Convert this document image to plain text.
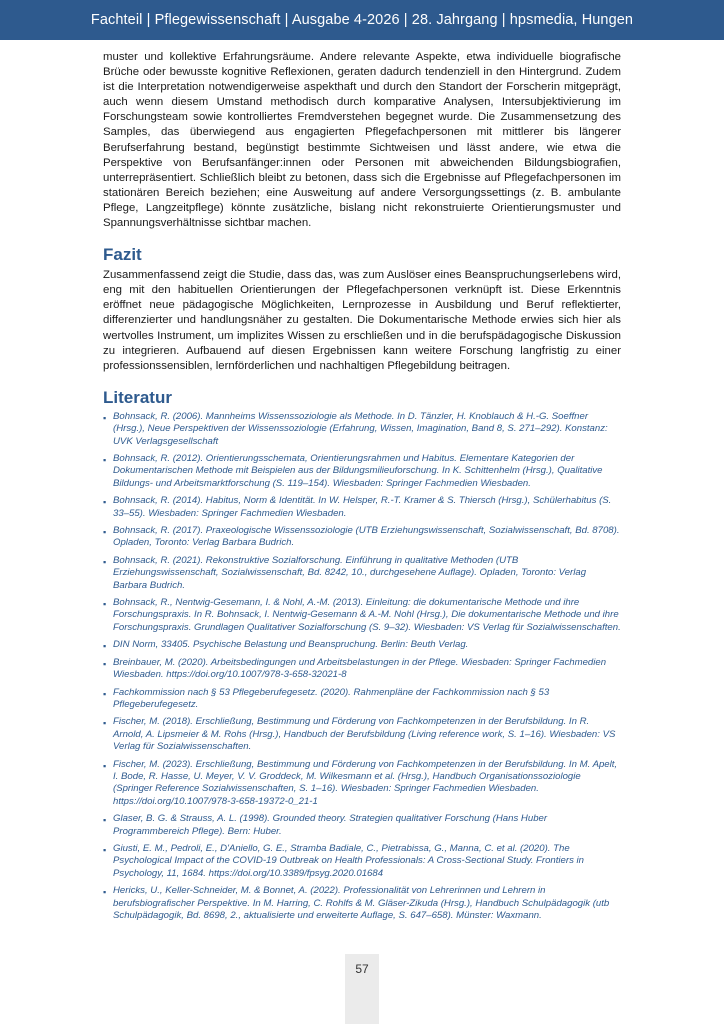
Fachteil | Pflegewissenschaft | Ausgabe 4-2026 | 28. Jahrgang | hpsmedia, Hungen

muster und kollektive Erfahrungsräume. Andere relevante Aspekte, etwa individuelle biografische Brüche oder bewusste kognitive Reflexionen, geraten dadurch tendenziell in den Hintergrund. Zudem ist die Interpretation notwendigerweise aspekthaft und durch den Standort der Forscherin mitgeprägt, auch wenn diesem Umstand methodisch durch komparative Analysen, Intersubjektivierung im Forschungsteam sowie kontrolliertes Fremdverstehen begegnet wurde. Die Zusammensetzung des Samples, das überwiegend aus engagierten Pflegefachpersonen mit mittlerer bis längerer Berufserfahrung bestand, begünstigt bestimmte Sichtweisen und lässt andere, wie etwa die Perspektive von Berufsanfänger:innen oder Personen mit abweichenden Bildungsbiografien, unterrepräsentiert. Schließlich bleibt zu betonen, dass sich die Ergebnisse auf Pflegefachpersonen im stationären Bereich beziehen; eine Ausweitung auf andere Versorgungssettings (z. B. ambulante Pflege, Langzeitpflege) könnte zusätzliche, bislang nicht rekonstruierte Orientierungsmuster und Spannungsverhältnisse sichtbar machen.

Fazit

Zusammenfassend zeigt die Studie, dass das, was zum Auslöser eines Beanspruchungserlebens wird, eng mit den habituellen Orientierungen der Pflegefachpersonen verknüpft ist. Diese Erkenntnis eröffnet neue pädagogische Möglichkeiten, Lernprozesse in Ausbildung und Beruf reflektierter, differenzierter und handlungsnäher zu gestalten. Die Dokumentarische Methode erwies sich hier als wertvolles Instrument, um implizites Wissen zu erschließen und in die berufspädagogische Diskussion zu integrieren. Aufbauend auf diesen Ergebnissen kann weitere Forschung langfristig zu einer professionssensiblen, lernförderlichen und nachhaltigen Pflegebildung beitragen.

Literatur
▪ Bohnsack, R. (2006). Mannheims Wissenssoziologie als Methode. In D. Tänzler, H. Knoblauch & H.-G. Soeffner (Hrsg.), Neue Perspektiven der Wissenssoziologie (Erfahrung, Wissen, Imagination, Band 8, S. 271–292). Konstanz: UVK Verlagsgesellschaft
▪ Bohnsack, R. (2012). Orientierungsschemata, Orientierungsrahmen und Habitus. Elementare Kategorien der Dokumentarischen Methode mit Beispielen aus der Bildungsmilieuforschung. In K. Schittenhelm (Hrsg.), Qualitative Bildungs- und Arbeitsmarktforschung (S. 119–154). Wiesbaden: Springer Fachmedien Wiesbaden.
▪ Bohnsack, R. (2014). Habitus, Norm & Identität. In W. Helsper, R.-T. Kramer & S. Thiersch (Hrsg.), Schülerhabitus (S. 33–55). Wiesbaden: Springer Fachmedien Wiesbaden.
▪ Bohnsack, R. (2017). Praxeologische Wissenssoziologie (UTB Erziehungswissenschaft, Sozialwissenschaft, Bd. 8708). Opladen, Toronto: Verlag Barbara Budrich.
▪ Bohnsack, R. (2021). Rekonstruktive Sozialforschung. Einführung in qualitative Methoden (UTB Erziehungswissenschaft, Sozialwissenschaft, Bd. 8242, 10., durchgesehene Auflage). Opladen, Toronto: Verlag Barbara Budrich.
▪ Bohnsack, R., Nentwig-Gesemann, I. & Nohl, A.-M. (2013). Einleitung: die dokumentarische Methode und ihre Forschungspraxis. In R. Bohnsack, I. Nentwig-Gesemann & A.-M. Nohl (Hrsg.), Die dokumentarische Methode und ihre Forschungspraxis. Grundlagen Qualitativer Sozialforschung (S. 9–32). Wiesbaden: VS Verlag für Sozialwissenschaften.
▪ DIN Norm, 33405. Psychische Belastung und Beanspruchung. Berlin: Beuth Verlag.
▪ Breinbauer, M. (2020). Arbeitsbedingungen und Arbeitsbelastungen in der Pflege. Wiesbaden: Springer Fachmedien Wiesbaden. https://doi.org/10.1007/978-3-658-32021-8
▪ Fachkommission nach § 53 Pflegeberufegesetz. (2020). Rahmenpläne der Fachkommission nach § 53 Pflegeberufegesetz.
▪ Fischer, M. (2018). Erschließung, Bestimmung und Förderung von Fachkompetenzen in der Berufsbildung. In R. Arnold, A. Lipsmeier & M. Rohs (Hrsg.), Handbuch der Berufsbildung (Living reference work, S. 1–16). Wiesbaden: VS Verlag für Sozialwissenschaften.
▪ Fischer, M. (2023). Erschließung, Bestimmung und Förderung von Fachkompetenzen in der Berufsbildung. In M. Apelt, I. Bode, R. Hasse, U. Meyer, V. V. Groddeck, M. Wilkesmann et al. (Hrsg.), Handbuch Organisationssoziologie (Springer Reference Sozialwissenschaften, S. 1–16). Wiesbaden: Springer Fachmedien Wiesbaden. https://doi.org/10.1007/978-3-658-19372-0_21-1
▪ Glaser, B. G. & Strauss, A. L. (1998). Grounded theory. Strategien qualitativer Forschung (Hans Huber Programmbereich Pflege). Bern: Huber.
▪ Giusti, E. M., Pedroli, E., D'Aniello, G. E., Stramba Badiale, C., Pietrabissa, G., Manna, C. et al. (2020). The Psychological Impact of the COVID-19 Outbreak on Health Professionals: A Cross-Sectional Study. Frontiers in Psychology, 11, 1684. https://doi.org/10.3389/fpsyg.2020.01684
▪ Hericks, U., Keller-Schneider, M. & Bonnet, A. (2022). Professionalität von Lehrerinnen und Lehrern in berufsbiografischer Perspektive. In M. Harring, C. Rohlfs & M. Gläser-Zikuda (Hrsg.), Handbuch Schulpädagogik (utb Schulpädagogik, Bd. 8698, 2., aktualisierte und erweiterte Auflage, S. 647–658). Münster: Waxmann.
57
